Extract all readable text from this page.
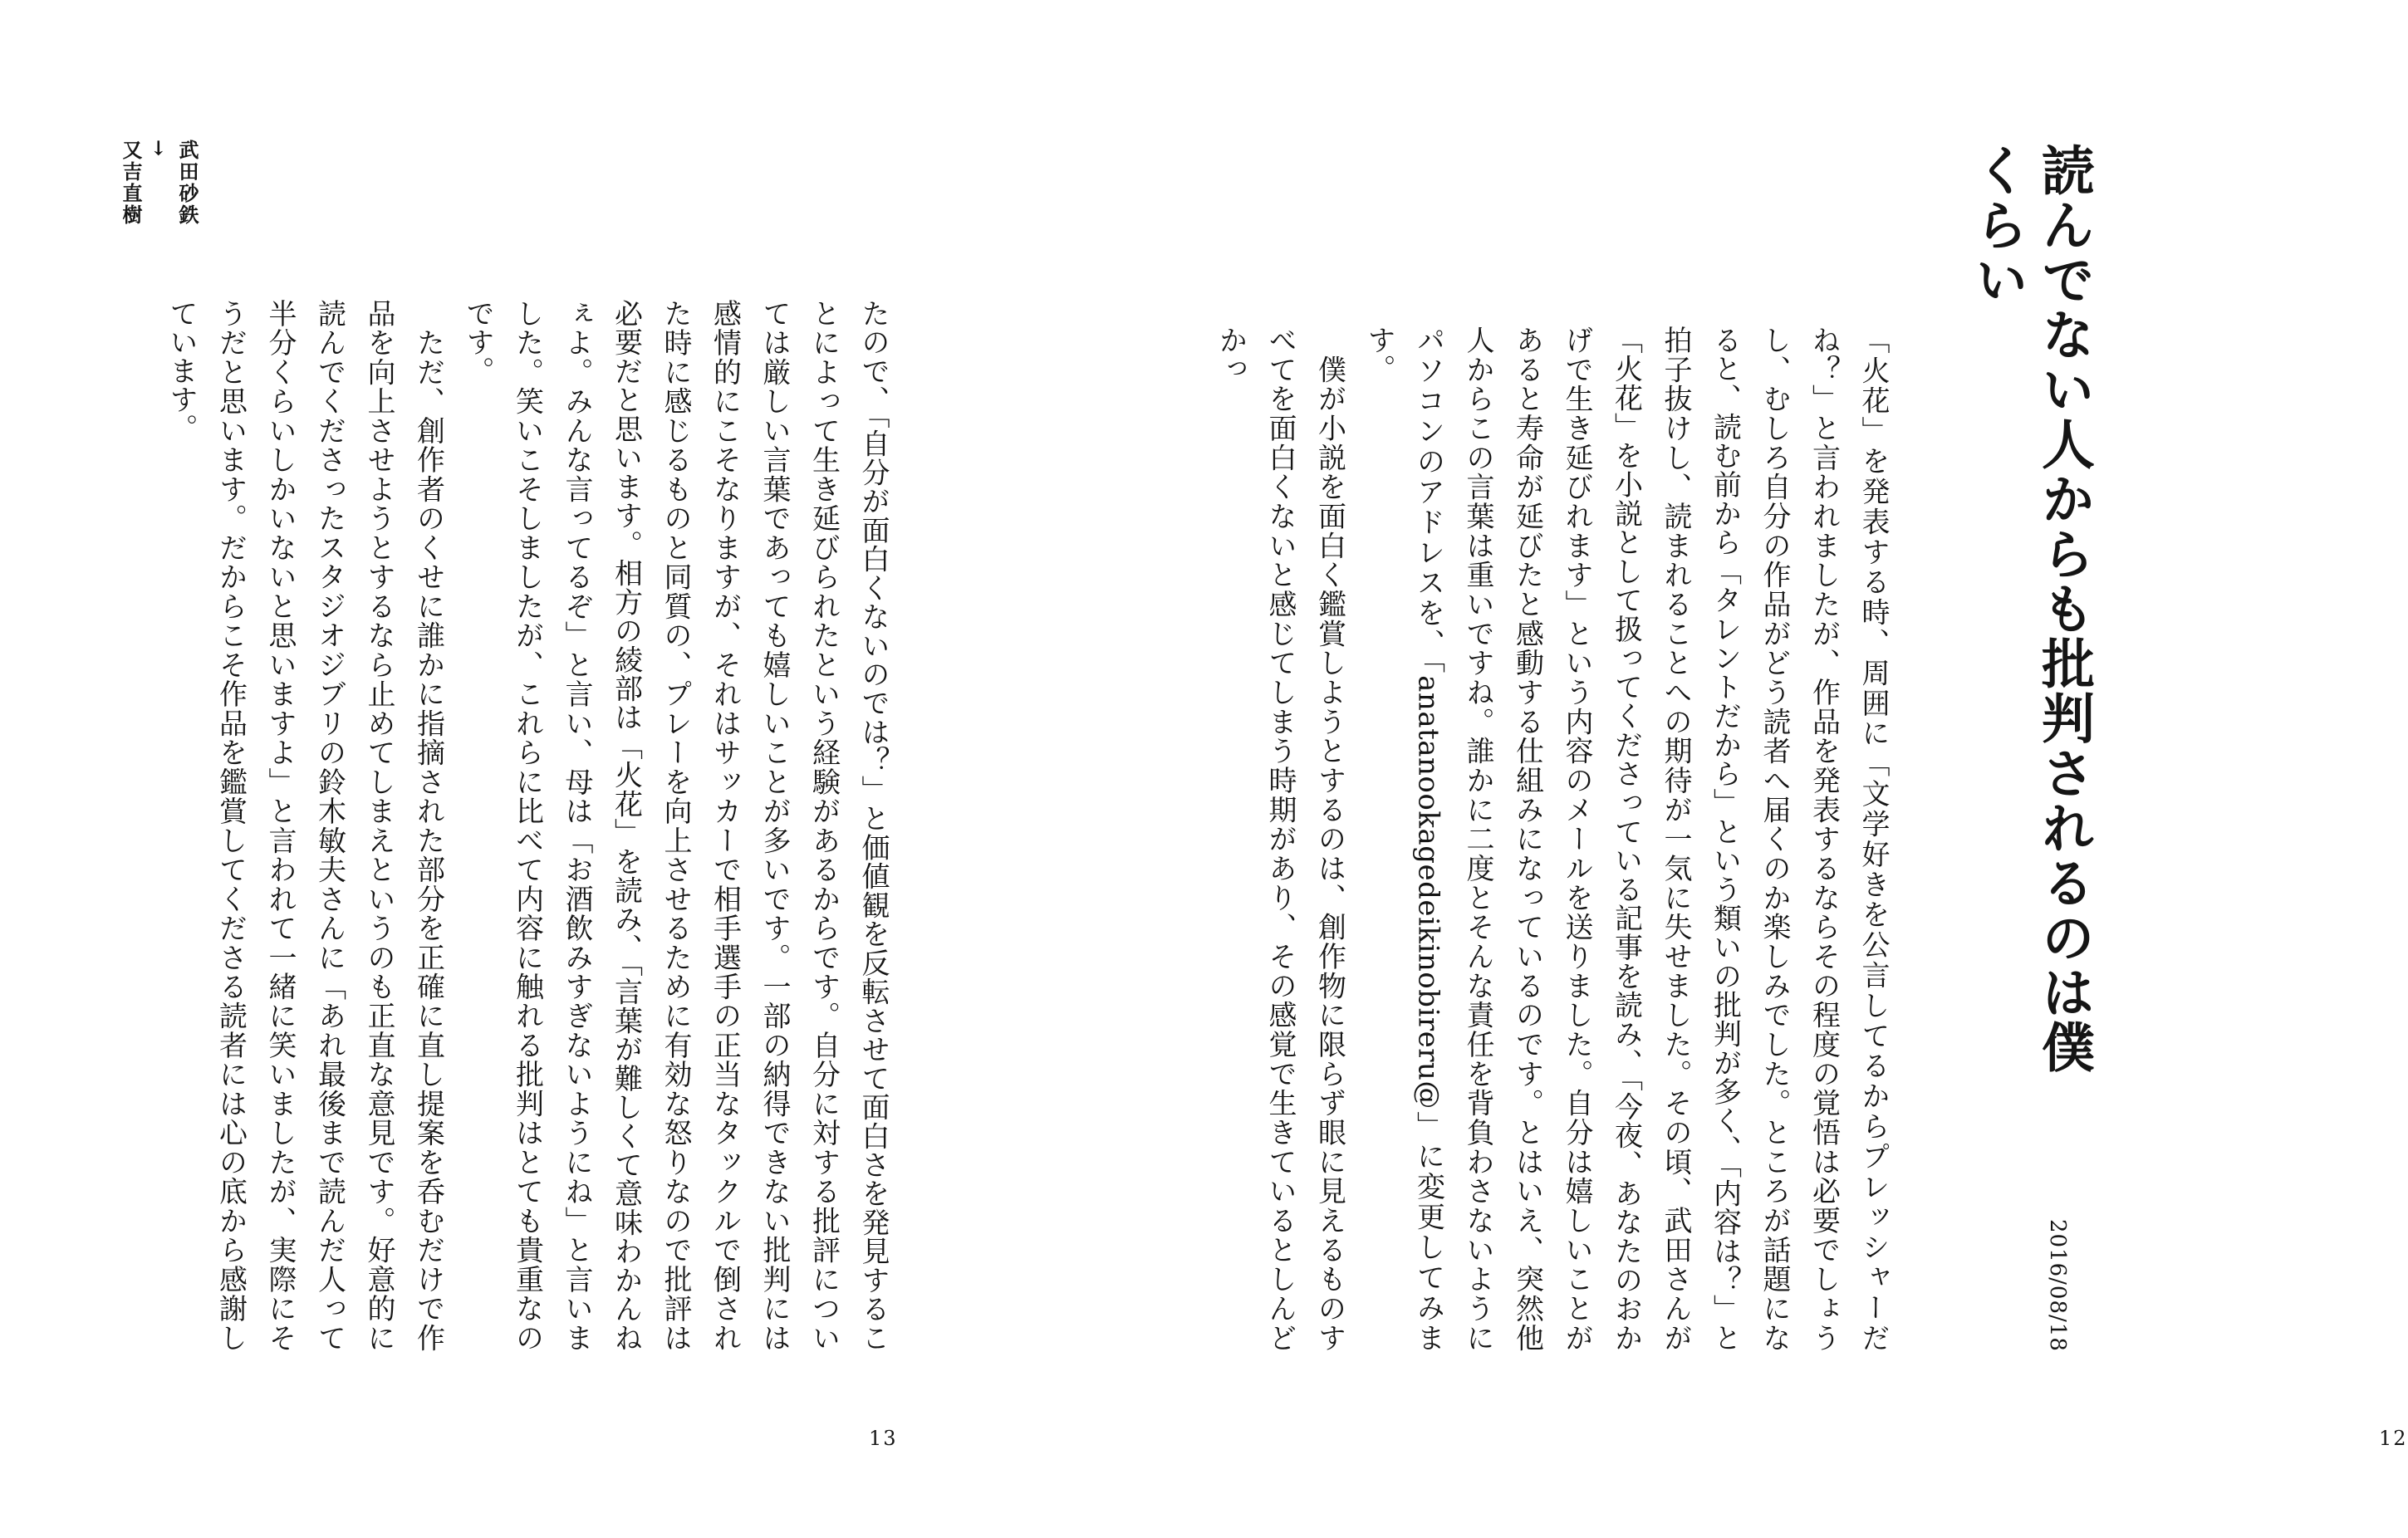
武田砂鉄
→
又吉直樹

たので、「自分が面白くないのでは？」と価値観を反転させて面白さを発見することによって生き延びられたという経験があるからです。自分に対する批評については厳しい言葉であっても嬉しいことが多いです。一部の納得できない批判には感情的にこそなりますが、それはサッカーで相手選手の正当なタックルで倒された時に感じるものと同質の、プレーを向上させるために有効な怒りなので批評は必要だと思います。相方の綾部は「火花」を読み、「言葉が難しくて意味わかんねぇよ。みんな言ってるぞ」と言い、母は「お酒飲みすぎないようにね」と言いました。笑いこそしましたが、これらに比べて内容に触れる批判はとても貴重なのです。

　ただ、創作者のくせに誰かに指摘された部分を正確に直し提案を呑むだけで作品を向上させようとするなら止めてしまえというのも正直な意見です。好意的に読んでくださったスタジオジブリの鈴木敏夫さんに「あれ最後まで読んだ人って半分くらいしかいないと思いますよ」と言われて一緒に笑いましたが、実際にそうだと思います。だからこそ作品を鑑賞してくださる読者には心の底から感謝しています。

13
読んでない人からも批判されるのは僕くらい
2016/08/18

「火花」を発表する時、周囲に「文学好きを公言してるからプレッシャーだね？」と言われましたが、作品を発表するならその程度の覚悟は必要でしょうし、むしろ自分の作品がどう読者へ届くのか楽しみでした。ところが話題になると、読む前から「タレントだから」という類いの批判が多く、「内容は？」と拍子抜けし、読まれることへの期待が一気に失せました。その頃、武田さんが「火花」を小説として扱ってくださっている記事を読み、「今夜、あなたのおかげで生き延びれます」という内容のメールを送りました。自分は嬉しいことがあると寿命が延びたと感動する仕組みになっているのです。とはいえ、突然他人からこの言葉は重いですね。誰かに二度とそんな責任を背負わさないようにパソコンのアドレスを、「anatanookagedeikinobireru@」に変更してみます。

　僕が小説を面白く鑑賞しようとするのは、創作物に限らず眼に見えるものすべてを面白くないと感じてしまう時期があり、その感覚で生きているとしんどかっ

12
